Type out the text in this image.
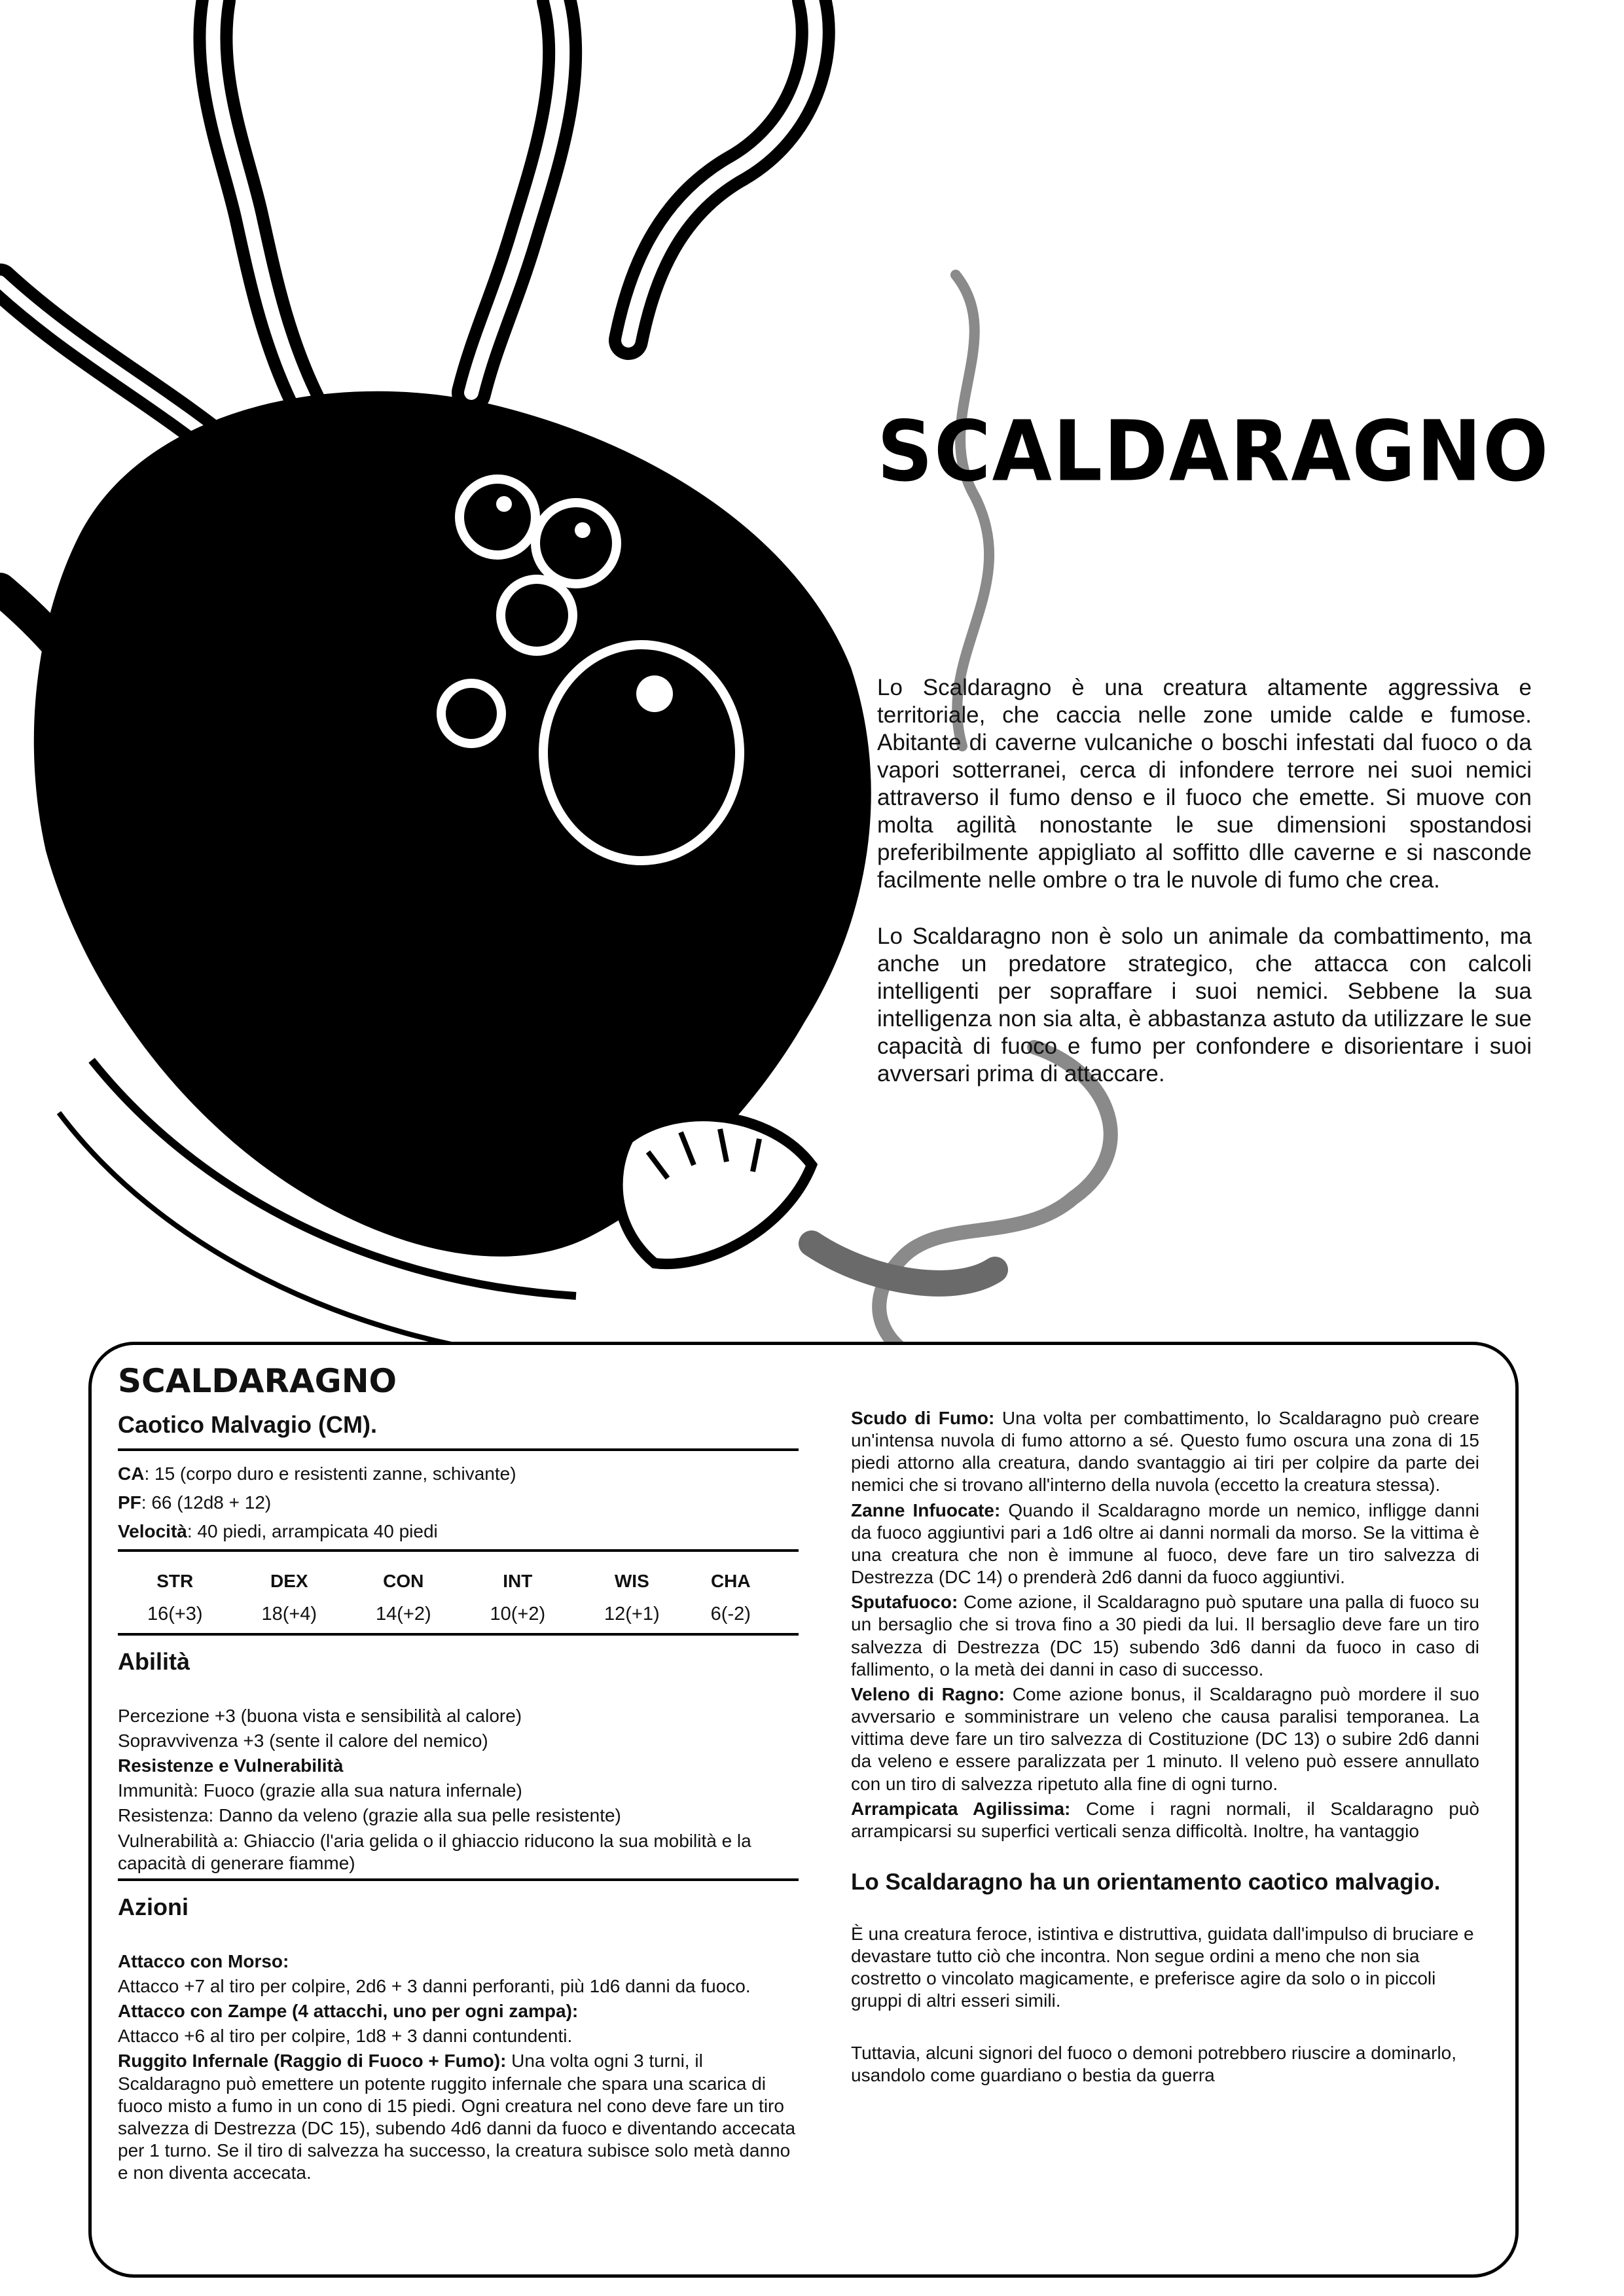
SCALDARAGNO

Lo Scaldaragno è una creatura altamente aggressiva e territoriale, che caccia nelle zone umide calde e fumose. Abitante di caverne vulcaniche o boschi infestati dal fuoco o da vapori sotterranei, cerca di infondere terrore nei suoi nemici attraverso il fumo denso e il fuoco che emette. Si muove con molta agilità nonostante le sue dimensioni spostandosi preferibilmente appigliato al soffitto dlle caverne e si nasconde facilmente nelle ombre o tra le nuvole di fumo che crea.

Lo Scaldaragno non è solo un animale da combattimento, ma anche un predatore strategico, che attacca con calcoli intelligenti per sopraffare i suoi nemici. Sebbene la sua intelligenza non sia alta, è abbastanza astuto da utilizzare le sue capacità di fuoco e fumo per confondere e disorientare i suoi avversari prima di attaccare.

SCALDARAGNO
Caotico Malvagio (CM).
CA: 15 (corpo duro e resistenti zanne, schivante)
PF: 66 (12d8 + 12)
Velocità: 40 piedi, arrampicata 40 piedi
STR	DEX	CON	INT	WIS	CHA
16(+3)	18(+4)	14(+2)	10(+2)	12(+1)	6(-2)
Abilità
Percezione +3 (buona vista e sensibilità al calore)
Sopravvivenza +3 (sente il calore del nemico)
Resistenze e Vulnerabilità
Immunità: Fuoco (grazie alla sua natura infernale)
Resistenza: Danno da veleno (grazie alla sua pelle resistente)
Vulnerabilità a: Ghiaccio (l'aria gelida o il ghiaccio riducono la sua mobilità e la capacità di generare fiamme)
Azioni
Attacco con Morso:
Attacco +7 al tiro per colpire, 2d6 + 3 danni perforanti, più 1d6 danni da fuoco.
Attacco con Zampe (4 attacchi, uno per ogni zampa):
Attacco +6 al tiro per colpire, 1d8 + 3 danni contundenti.
Ruggito Infernale (Raggio di Fuoco + Fumo): Una volta ogni 3 turni, il Scaldaragno può emettere un potente ruggito infernale che spara una scarica di fuoco misto a fumo in un cono di 15 piedi. Ogni creatura nel cono deve fare un tiro salvezza di Destrezza (DC 15), subendo 4d6 danni da fuoco e diventando accecata per 1 turno. Se il tiro di salvezza ha successo, la creatura subisce solo metà danno e non diventa accecata.
Scudo di Fumo: Una volta per combattimento, lo Scaldaragno può creare un'intensa nuvola di fumo attorno a sé. Questo fumo oscura una zona di 15 piedi attorno alla creatura, dando svantaggio ai tiri per colpire da parte dei nemici che si trovano all'interno della nuvola (eccetto la creatura stessa).
Zanne Infuocate: Quando il Scaldaragno morde un nemico, infligge danni da fuoco aggiuntivi pari a 1d6 oltre ai danni normali da morso. Se la vittima è una creatura che non è immune al fuoco, deve fare un tiro salvezza di Destrezza (DC 14) o prenderà 2d6 danni da fuoco aggiuntivi.
Sputafuoco: Come azione, il Scaldaragno può sputare una palla di fuoco su un bersaglio che si trova fino a 30 piedi da lui. Il bersaglio deve fare un tiro salvezza di Destrezza (DC 15) subendo 3d6 danni da fuoco in caso di fallimento, o la metà dei danni in caso di successo.
Veleno di Ragno: Come azione bonus, il Scaldaragno può mordere il suo avversario e somministrare un veleno che causa paralisi temporanea. La vittima deve fare un tiro salvezza di Costituzione (DC 13) o subire 2d6 danni da veleno e essere paralizzata per 1 minuto. Il veleno può essere annullato con un tiro di salvezza ripetuto alla fine di ogni turno.
Arrampicata Agilissima: Come i ragni normali, il Scaldaragno può arrampicarsi su superfici verticali senza difficoltà. Inoltre, ha vantaggio
Lo Scaldaragno ha un orientamento caotico malvagio.
È una creatura feroce, istintiva e distruttiva, guidata dall'impulso di bruciare e devastare tutto ciò che incontra. Non segue ordini a meno che non sia costretto o vincolato magicamente, e preferisce agire da solo o in piccoli gruppi di altri esseri simili.
Tuttavia, alcuni signori del fuoco o demoni potrebbero riuscire a dominarlo, usandolo come guardiano o bestia da guerra
